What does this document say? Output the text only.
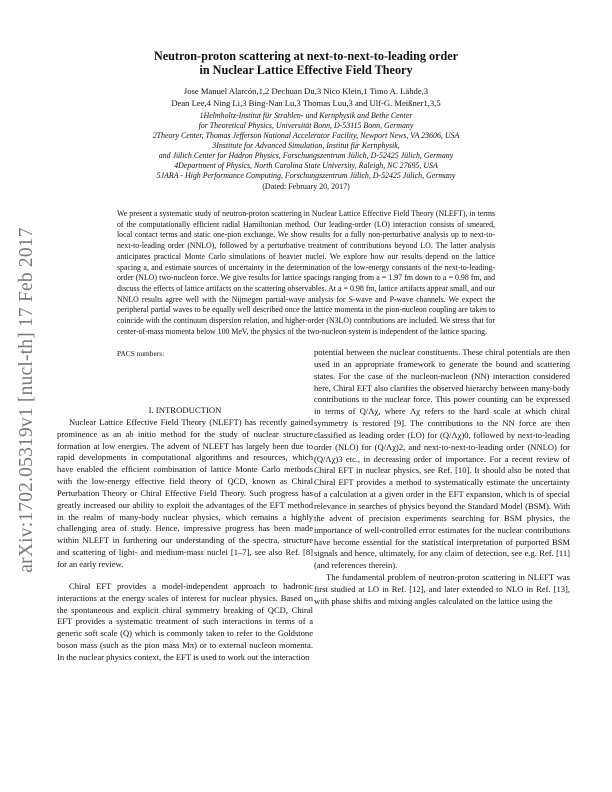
arXiv:1702.05319v1 [nucl-th] 17 Feb 2017
Neutron-proton scattering at next-to-next-to-leading order
in Nuclear Lattice Effective Field Theory
Jose Manuel Alarcón,1,2 Dechuan Du,3 Nico Klein,1 Timo A. Lähde,3
Dean Lee,4 Ning Li,3 Bing-Nan Lu,3 Thomas Luu,3 and Ulf-G. Meißner1,3,5
1Helmholtz-Institut für Strahlen- und Kernphysik and Bethe Center
for Theoretical Physics, Universität Bonn, D-53115 Bonn, Germany
2Theory Center, Thomas Jefferson National Accelerator Facility, Newport News, VA 23606, USA
3Institute for Advanced Simulation, Institut für Kernphysik,
and Jülich Center for Hadron Physics, Forschungszentrum Jülich, D-52425 Jülich, Germany
4Department of Physics, North Carolina State University, Raleigh, NC 27695, USA
5JARA - High Performance Computing, Forschungszentrum Jülich, D-52425 Jülich, Germany
(Dated: February 20, 2017)
We present a systematic study of neutron-proton scattering in Nuclear Lattice Effective Field Theory (NLEFT), in terms of the computationally efficient radial Hamiltonian method. Our leading-order (LO) interaction consists of smeared, local contact terms and static one-pion exchange. We show results for a fully non-perturbative analysis up to next-to-next-to-leading order (NNLO), followed by a perturbative treatment of contributions beyond LO. The latter analysis anticipates practical Monte Carlo simulations of heavier nuclei. We explore how our results depend on the lattice spacing a, and estimate sources of uncertainty in the determination of the low-energy constants of the next-to-leading-order (NLO) two-nucleon force. We give results for lattice spacings ranging from a = 1.97 fm down to a = 0.98 fm, and discuss the effects of lattice artifacts on the scattering observables. At a = 0.98 fm, lattice artifacts appear small, and our NNLO results agree well with the Nijmegen partial-wave analysis for S-wave and P-wave channels. We expect the peripheral partial waves to be equally well described once the lattice momenta in the pion-nucleon coupling are taken to coincide with the continuum dispersion relation, and higher-order (N3LO) contributions are included. We stress that for center-of-mass momenta below 100 MeV, the physics of the two-nucleon system is independent of the lattice spacing.
PACS numbers:

I. INTRODUCTION

Nuclear Lattice Effective Field Theory (NLEFT) has recently gained prominence as an ab initio method for the study of nuclear structure formation at low energies. The advent of NLEFT has largely been due to rapid developments in computational algorithms and resources, which have enabled the efficient combination of lattice Monte Carlo methods with the low-energy effective field theory of QCD, known as Chiral Perturbation Theory or Chiral Effective Field Theory. Such progress has greatly increased our ability to exploit the advantages of the EFT method in the realm of many-body nuclear physics, which remains a highly challenging area of study. Hence, impressive progress has been made within NLEFT in furthering our understanding of the spectra, structure and scattering of light- and medium-mass nuclei [1–7], see also Ref. [8] for an early review.

Chiral EFT provides a model-independent approach to hadronic interactions at the energy scales of interest for nuclear physics. Based on the spontaneous and explicit chiral symmetry breaking of QCD, Chiral EFT provides a systematic treatment of such interactions in terms of a generic soft scale (Q) which is commonly taken to refer to the Goldstone boson mass (such as the pion mass Mπ) or to external nucleon momenta. In the nuclear physics context, the EFT is used to work out the interaction

potential between the nuclear constituents. These chiral potentials are then used in an appropriate framework to generate the bound and scattering states. For the case of the nucleon-nucleon (NN) interaction considered here, Chiral EFT also clarifies the observed hierarchy between many-body contributions to the nuclear force. This power counting can be expressed in terms of Q/Λχ, where Λχ refers to the hard scale at which chiral symmetry is restored [9]. The contributions to the NN force are then classified as leading order (LO) for (Q/Λχ)0, followed by next-to-leading order (NLO) for (Q/Λχ)2, and next-to-next-to-leading order (NNLO) for (Q/Λχ)3 etc., in decreasing order of importance. For a recent review of Chiral EFT in nuclear physics, see Ref. [10]. It should also be noted that Chiral EFT provides a method to systematically estimate the uncertainty of a calculation at a given order in the EFT expansion, which is of special relevance in searches of physics beyond the Standard Model (BSM). With the advent of precision experiments searching for BSM physics, the importance of well-controlled error estimates for the nuclear contributions have become essential for the statistical interpretation of purported BSM signals and hence, ultimately, for any claim of detection, see e.g. Ref. [11] (and references therein).

The fundamental problem of neutron-proton scattering in NLEFT was first studied at LO in Ref. [12], and later extended to NLO in Ref. [13], with phase shifts and mixing angles calculated on the lattice using the
